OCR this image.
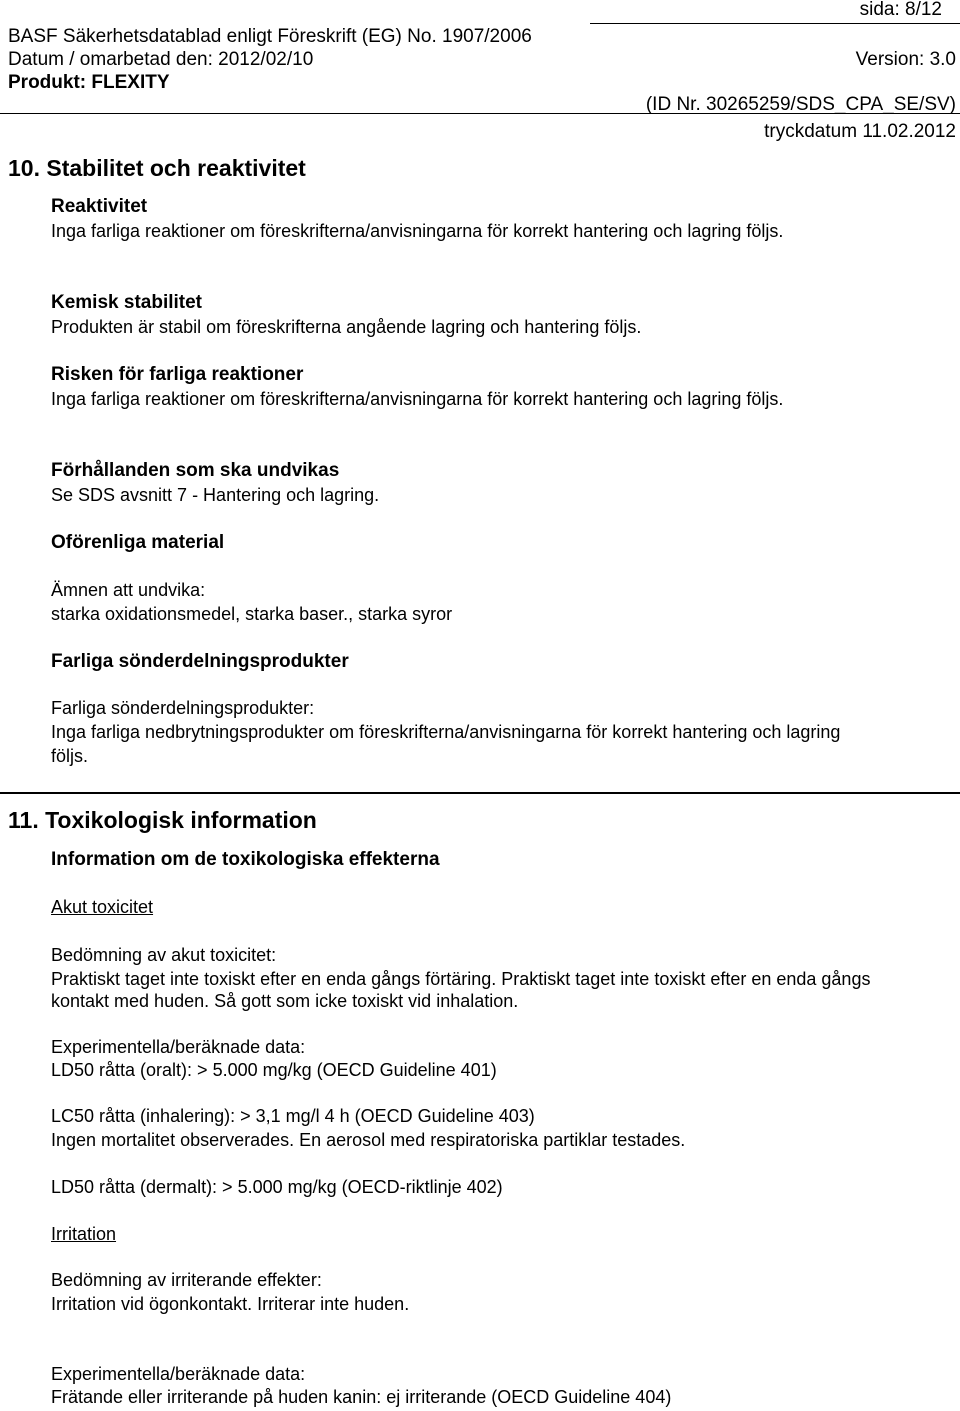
sida: 8/12
BASF Säkerhetsdatablad enligt Föreskrift (EG) No. 1907/2006
Datum / omarbetad den: 2012/02/10	Version: 3.0
Produkt: FLEXITY
(ID Nr. 30265259/SDS_CPA_SE/SV)
tryckdatum 11.02.2012
10. Stabilitet och reaktivitet
Reaktivitet
Inga farliga reaktioner om föreskrifterna/anvisningarna för korrekt hantering och lagring följs.
Kemisk stabilitet
Produkten är stabil om föreskrifterna angående lagring och hantering följs.
Risken för farliga reaktioner
Inga farliga reaktioner om föreskrifterna/anvisningarna för korrekt hantering och lagring följs.
Förhållanden som ska undvikas
Se SDS avsnitt 7 - Hantering och lagring.
Oförenliga material
Ämnen att undvika:
starka oxidationsmedel, starka baser., starka syror
Farliga sönderdelningsprodukter
Farliga sönderdelningsprodukter:
Inga farliga nedbrytningsprodukter om föreskrifterna/anvisningarna för korrekt hantering och lagring
följs.
11. Toxikologisk information
Information om de toxikologiska effekterna
Akut toxicitet
Bedömning av akut toxicitet:
Praktiskt taget inte toxiskt efter en enda gångs förtäring. Praktiskt taget inte toxiskt efter en enda gångs
kontakt med huden. Så gott som icke toxiskt vid inhalation.
Experimentella/beräknade data:
LD50 råtta (oralt): > 5.000 mg/kg (OECD Guideline 401)
LC50 råtta (inhalering): > 3,1 mg/l 4 h (OECD Guideline 403)
Ingen mortalitet observerades. En aerosol med respiratoriska partiklar testades.
LD50 råtta (dermalt): > 5.000 mg/kg (OECD-riktlinje 402)
Irritation
Bedömning av irriterande effekter:
Irritation vid ögonkontakt. Irriterar inte huden.
Experimentella/beräknade data:
Frätande eller irriterande på huden kanin: ej irriterande (OECD Guideline 404)
